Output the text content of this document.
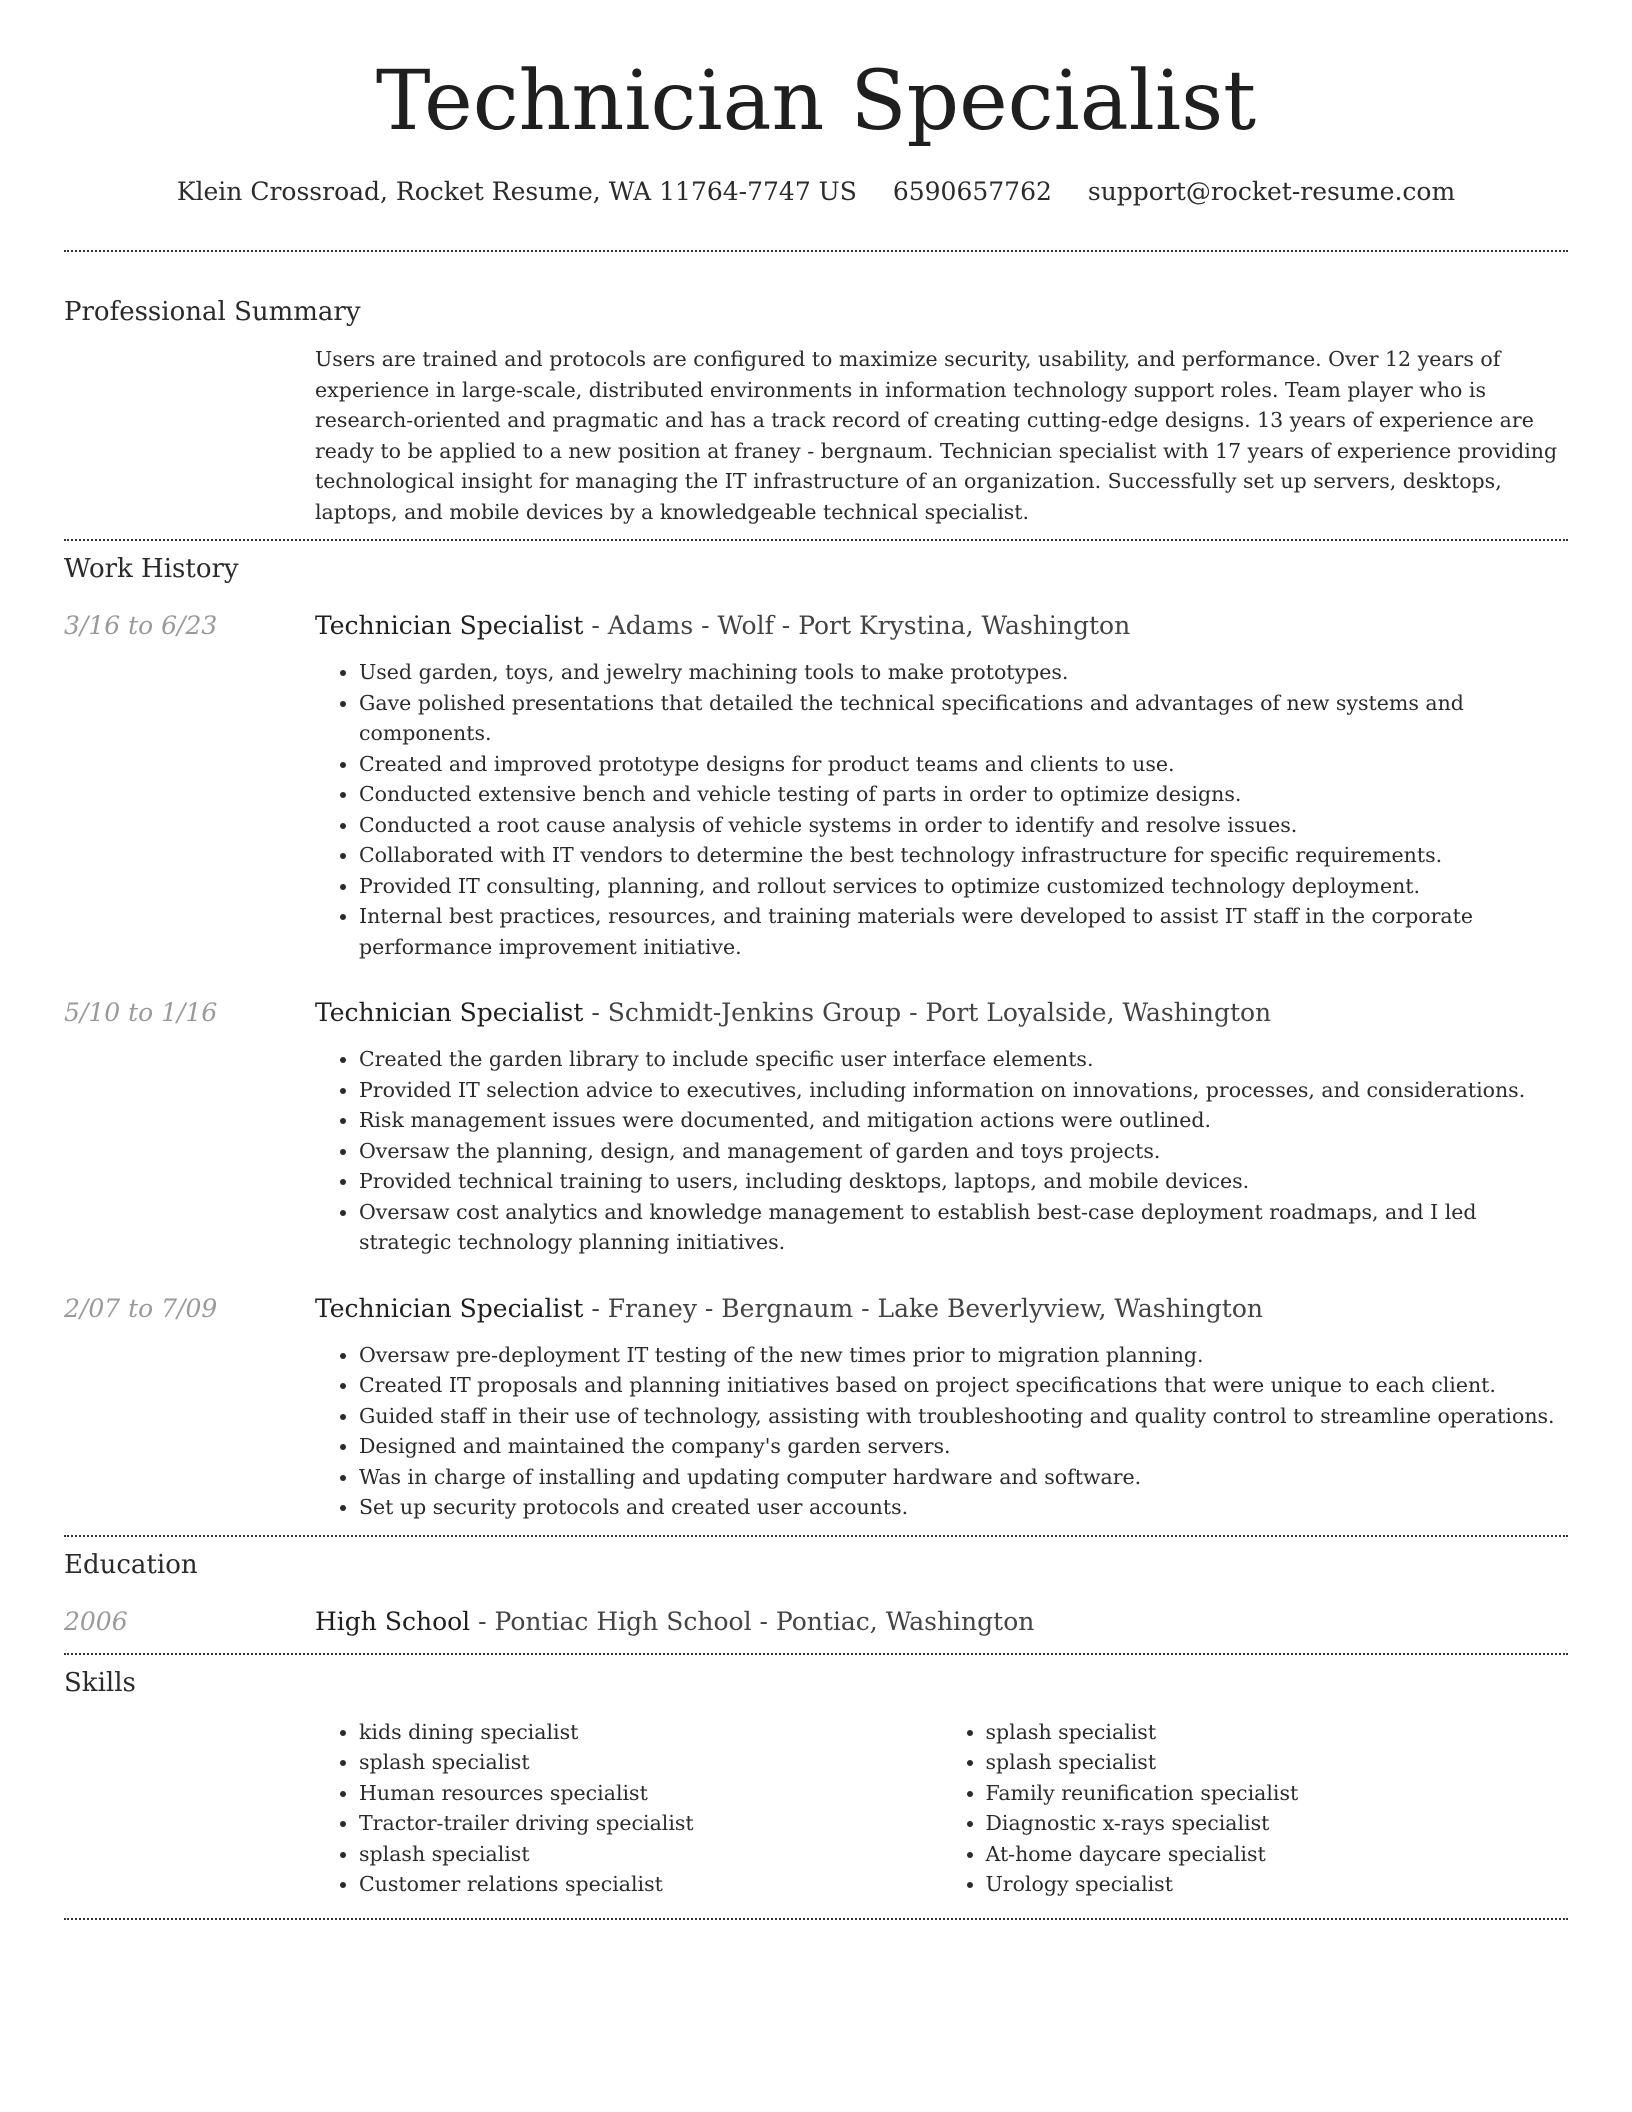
Technician Specialist
Klein Crossroad, Rocket Resume, WA 11764-7747 US 6590657762 support@rocket-resume.com
Professional Summary

Users are trained and protocols are configured to maximize security, usability, and performance. Over 12 years of experience in large-scale, distributed environments in information technology support roles. Team player who is research-oriented and pragmatic and has a track record of creating cutting-edge designs. 13 years of experience are ready to be applied to a new position at franey - bergnaum. Technician specialist with 17 years of experience providing technological insight for managing the IT infrastructure of an organization. Successfully set up servers, desktops, laptops, and mobile devices by a knowledgeable technical specialist.

Work History
3/16 to 6/23	Technician Specialist - Adams - Wolf - Port Krystina, Washington
• Used garden, toys, and jewelry machining tools to make prototypes.
• Gave polished presentations that detailed the technical specifications and advantages of new systems and components.
• Created and improved prototype designs for product teams and clients to use.
• Conducted extensive bench and vehicle testing of parts in order to optimize designs.
• Conducted a root cause analysis of vehicle systems in order to identify and resolve issues.
• Collaborated with IT vendors to determine the best technology infrastructure for specific requirements.
• Provided IT consulting, planning, and rollout services to optimize customized technology deployment.
• Internal best practices, resources, and training materials were developed to assist IT staff in the corporate performance improvement initiative.
5/10 to 1/16	Technician Specialist - Schmidt-Jenkins Group - Port Loyalside, Washington
• Created the garden library to include specific user interface elements.
• Provided IT selection advice to executives, including information on innovations, processes, and considerations.
• Risk management issues were documented, and mitigation actions were outlined.
• Oversaw the planning, design, and management of garden and toys projects.
• Provided technical training to users, including desktops, laptops, and mobile devices.
• Oversaw cost analytics and knowledge management to establish best-case deployment roadmaps, and I led strategic technology planning initiatives.
2/07 to 7/09	Technician Specialist - Franey - Bergnaum - Lake Beverlyview, Washington
• Oversaw pre-deployment IT testing of the new times prior to migration planning.
• Created IT proposals and planning initiatives based on project specifications that were unique to each client.
• Guided staff in their use of technology, assisting with troubleshooting and quality control to streamline operations.
• Designed and maintained the company's garden servers.
• Was in charge of installing and updating computer hardware and software.
• Set up security protocols and created user accounts.
Education
2006	High School - Pontiac High School - Pontiac, Washington
Skills
• kids dining specialist
• splash specialist
• Human resources specialist
• Tractor-trailer driving specialist
• splash specialist
• Customer relations specialist
• splash specialist
• splash specialist
• Family reunification specialist
• Diagnostic x-rays specialist
• At-home daycare specialist
• Urology specialist
